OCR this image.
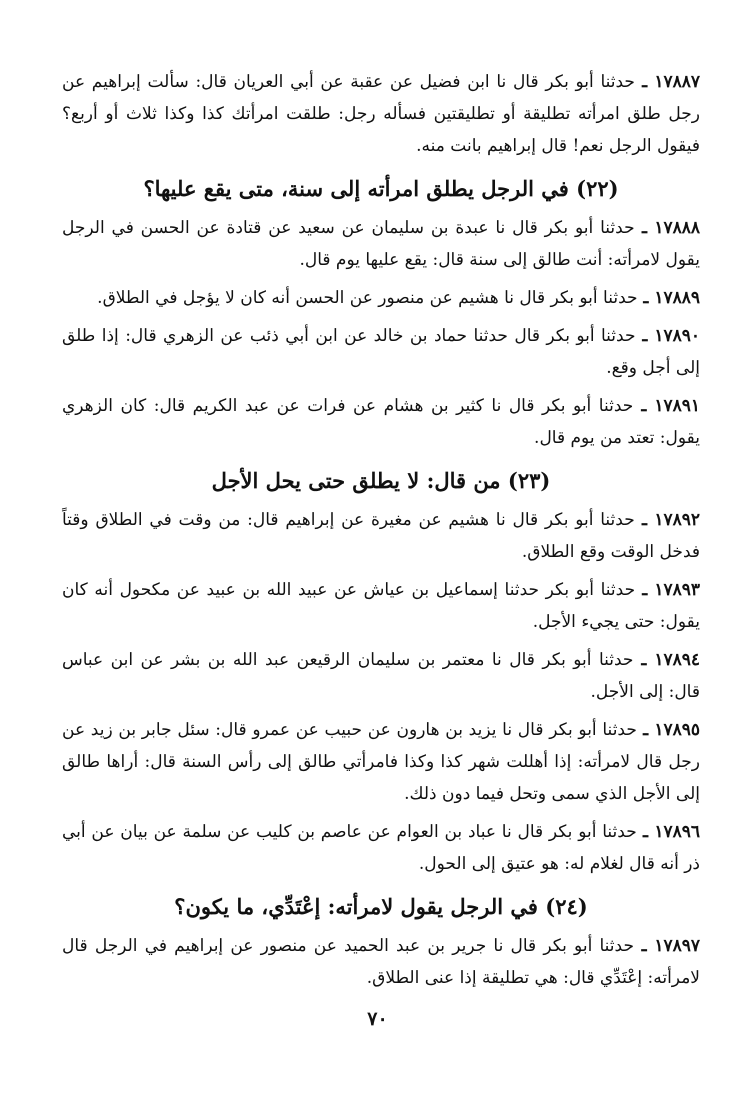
١٧٨٨٧ ـ حدثنا أبو بكر قال نا ابن فضيل عن عقبة عن أبي العريان قال: سألت إبراهيم عن رجل طلق امرأته تطليقة أو تطليقتين فسأله رجل: طلقت امرأتك كذا وكذا ثلاث أو أربع؟ فيقول الرجل نعم! قال إبراهيم بانت منه.

(٢٢) في الرجل يطلق امرأته إلى سنة، متى يقع عليها؟

١٧٨٨٨ ـ حدثنا أبو بكر قال نا عبدة بن سليمان عن سعيد عن قتادة عن الحسن في الرجل يقول لامرأته: أنت طالق إلى سنة قال: يقع عليها يوم قال.

١٧٨٨٩ ـ حدثنا أبو بكر قال نا هشيم عن منصور عن الحسن أنه كان لا يؤجل في الطلاق.

١٧٨٩٠ ـ حدثنا أبو بكر قال حدثنا حماد بن خالد عن ابن أبي ذئب عن الزهري قال: إذا طلق إلى أجل وقع.

١٧٨٩١ ـ حدثنا أبو بكر قال نا كثير بن هشام عن فرات عن عبد الكريم قال: كان الزهري يقول: تعتد من يوم قال.

(٢٣) من قال: لا يطلق حتى يحل الأجل

١٧٨٩٢ ـ حدثنا أبو بكر قال نا هشيم عن مغيرة عن إبراهيم قال: من وقت في الطلاق وقتاً فدخل الوقت وقع الطلاق.

١٧٨٩٣ ـ حدثنا أبو بكر حدثنا إسماعيل بن عياش عن عبيد الله بن عبيد عن مكحول أنه كان يقول: حتى يجيء الأجل.

١٧٨٩٤ ـ حدثنا أبو بكر قال نا معتمر بن سليمان الرقيعن عبد الله بن بشر عن ابن عباس قال: إلى الأجل.

١٧٨٩٥ ـ حدثنا أبو بكر قال نا يزيد بن هارون عن حبيب عن عمرو قال: سئل جابر بن زيد عن رجل قال لامرأته: إذا أهللت شهر كذا وكذا فامرأتي طالق إلى رأس السنة قال: أراها طالق إلى الأجل الذي سمى وتحل فيما دون ذلك.

١٧٨٩٦ ـ حدثنا أبو بكر قال نا عباد بن العوام عن عاصم بن كليب عن سلمة عن بيان عن أبي ذر أنه قال لغلام له: هو عتيق إلى الحول.

(٢٤) في الرجل يقول لامرأته: إعْتَدِّي، ما يكون؟

١٧٨٩٧ ـ حدثنا أبو بكر قال نا جرير بن عبد الحميد عن منصور عن إبراهيم في الرجل قال لامرأته: إعْتَدِّي قال: هي تطليقة إذا عنى الطلاق.

٧٠
